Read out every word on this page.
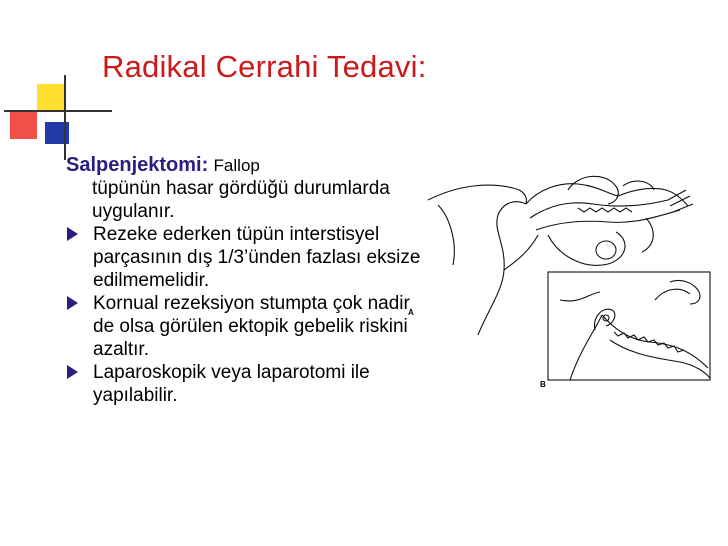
Radikal Cerrahi Tedavi:

Salpenjektomi: Fallop
tüpünün hasar gördüğü durumlarda uygulanır.

Rezeke ederken tüpün interstisyel parçasının dış 1/3’ünden fazlası eksize edilmemelidir.
Kornual rezeksiyon stumpta çok nadir de olsa görülen ektopik gebelik riskini azaltır.
Laparoskopik veya laparotomi ile yapılabilir.
A
B
